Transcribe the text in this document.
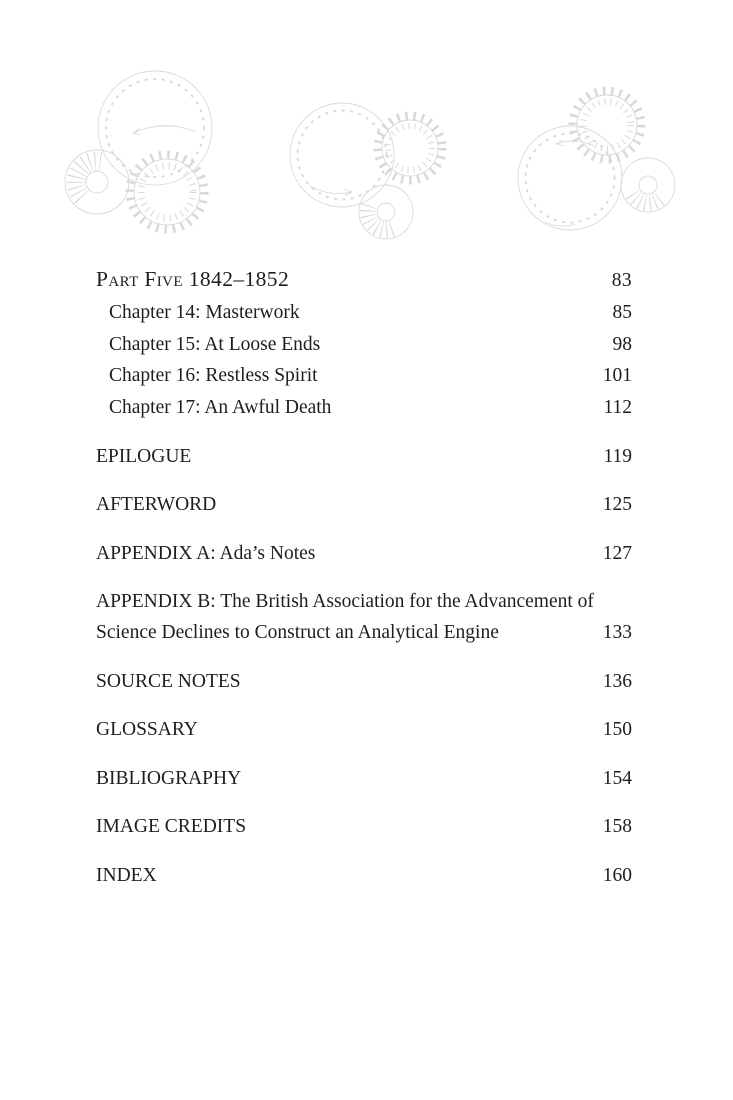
Part Five 1842–1852	83
Chapter 14: Masterwork	85
Chapter 15: At Loose Ends	98
Chapter 16: Restless Spirit	101
Chapter 17: An Awful Death	112
EPILOGUE	119
AFTERWORD	125
APPENDIX A: Ada’s Notes	127
APPENDIX B: The British Association for the Advancement of Science Declines to Construct an Analytical Engine	133
SOURCE NOTES	136
GLOSSARY	150
BIBLIOGRAPHY	154
IMAGE CREDITS	158
INDEX	160
